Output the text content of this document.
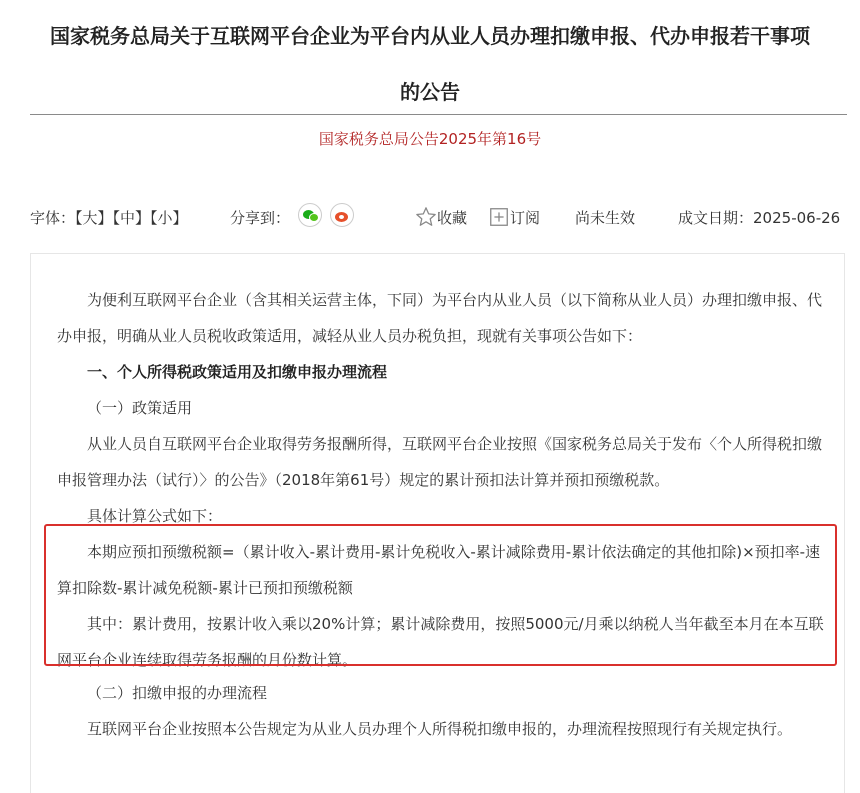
国家税务总局关于互联网平台企业为平台内从业人员办理扣缴申报、代办申报若干事项
的公告
国家税务总局公告2025年第16号
字体：【大】【中】【小】	分享到：	收藏	订阅 尚未生效	成文日期：2025-06-26

为便利互联网平台企业（含其相关运营主体，下同）为平台内从业人员（以下简称从业人员）办理扣缴申报、代办申报，明确从业人员税收政策适用，减轻从业人员办税负担，现就有关事项公告如下：

一、个人所得税政策适用及扣缴申报办理流程

（一）政策适用

从业人员自互联网平台企业取得劳务报酬所得，互联网平台企业按照《国家税务总局关于发布〈个人所得税扣缴申报管理办法（试行）〉的公告》（2018年第61号）规定的累计预扣法计算并预扣预缴税款。

具体计算公式如下：

本期应预扣预缴税额=（累计收入-累计费用-累计免税收入-累计减除费用-累计依法确定的其他扣除)×预扣率-速算扣除数-累计减免税额-累计已预扣预缴税额

其中：累计费用，按累计收入乘以20%计算；累计减除费用，按照5000元/月乘以纳税人当年截至本月在本互联网平台企业连续取得劳务报酬的月份数计算。

（二）扣缴申报的办理流程

互联网平台企业按照本公告规定为从业人员办理个人所得税扣缴申报的，办理流程按照现行有关规定执行。
